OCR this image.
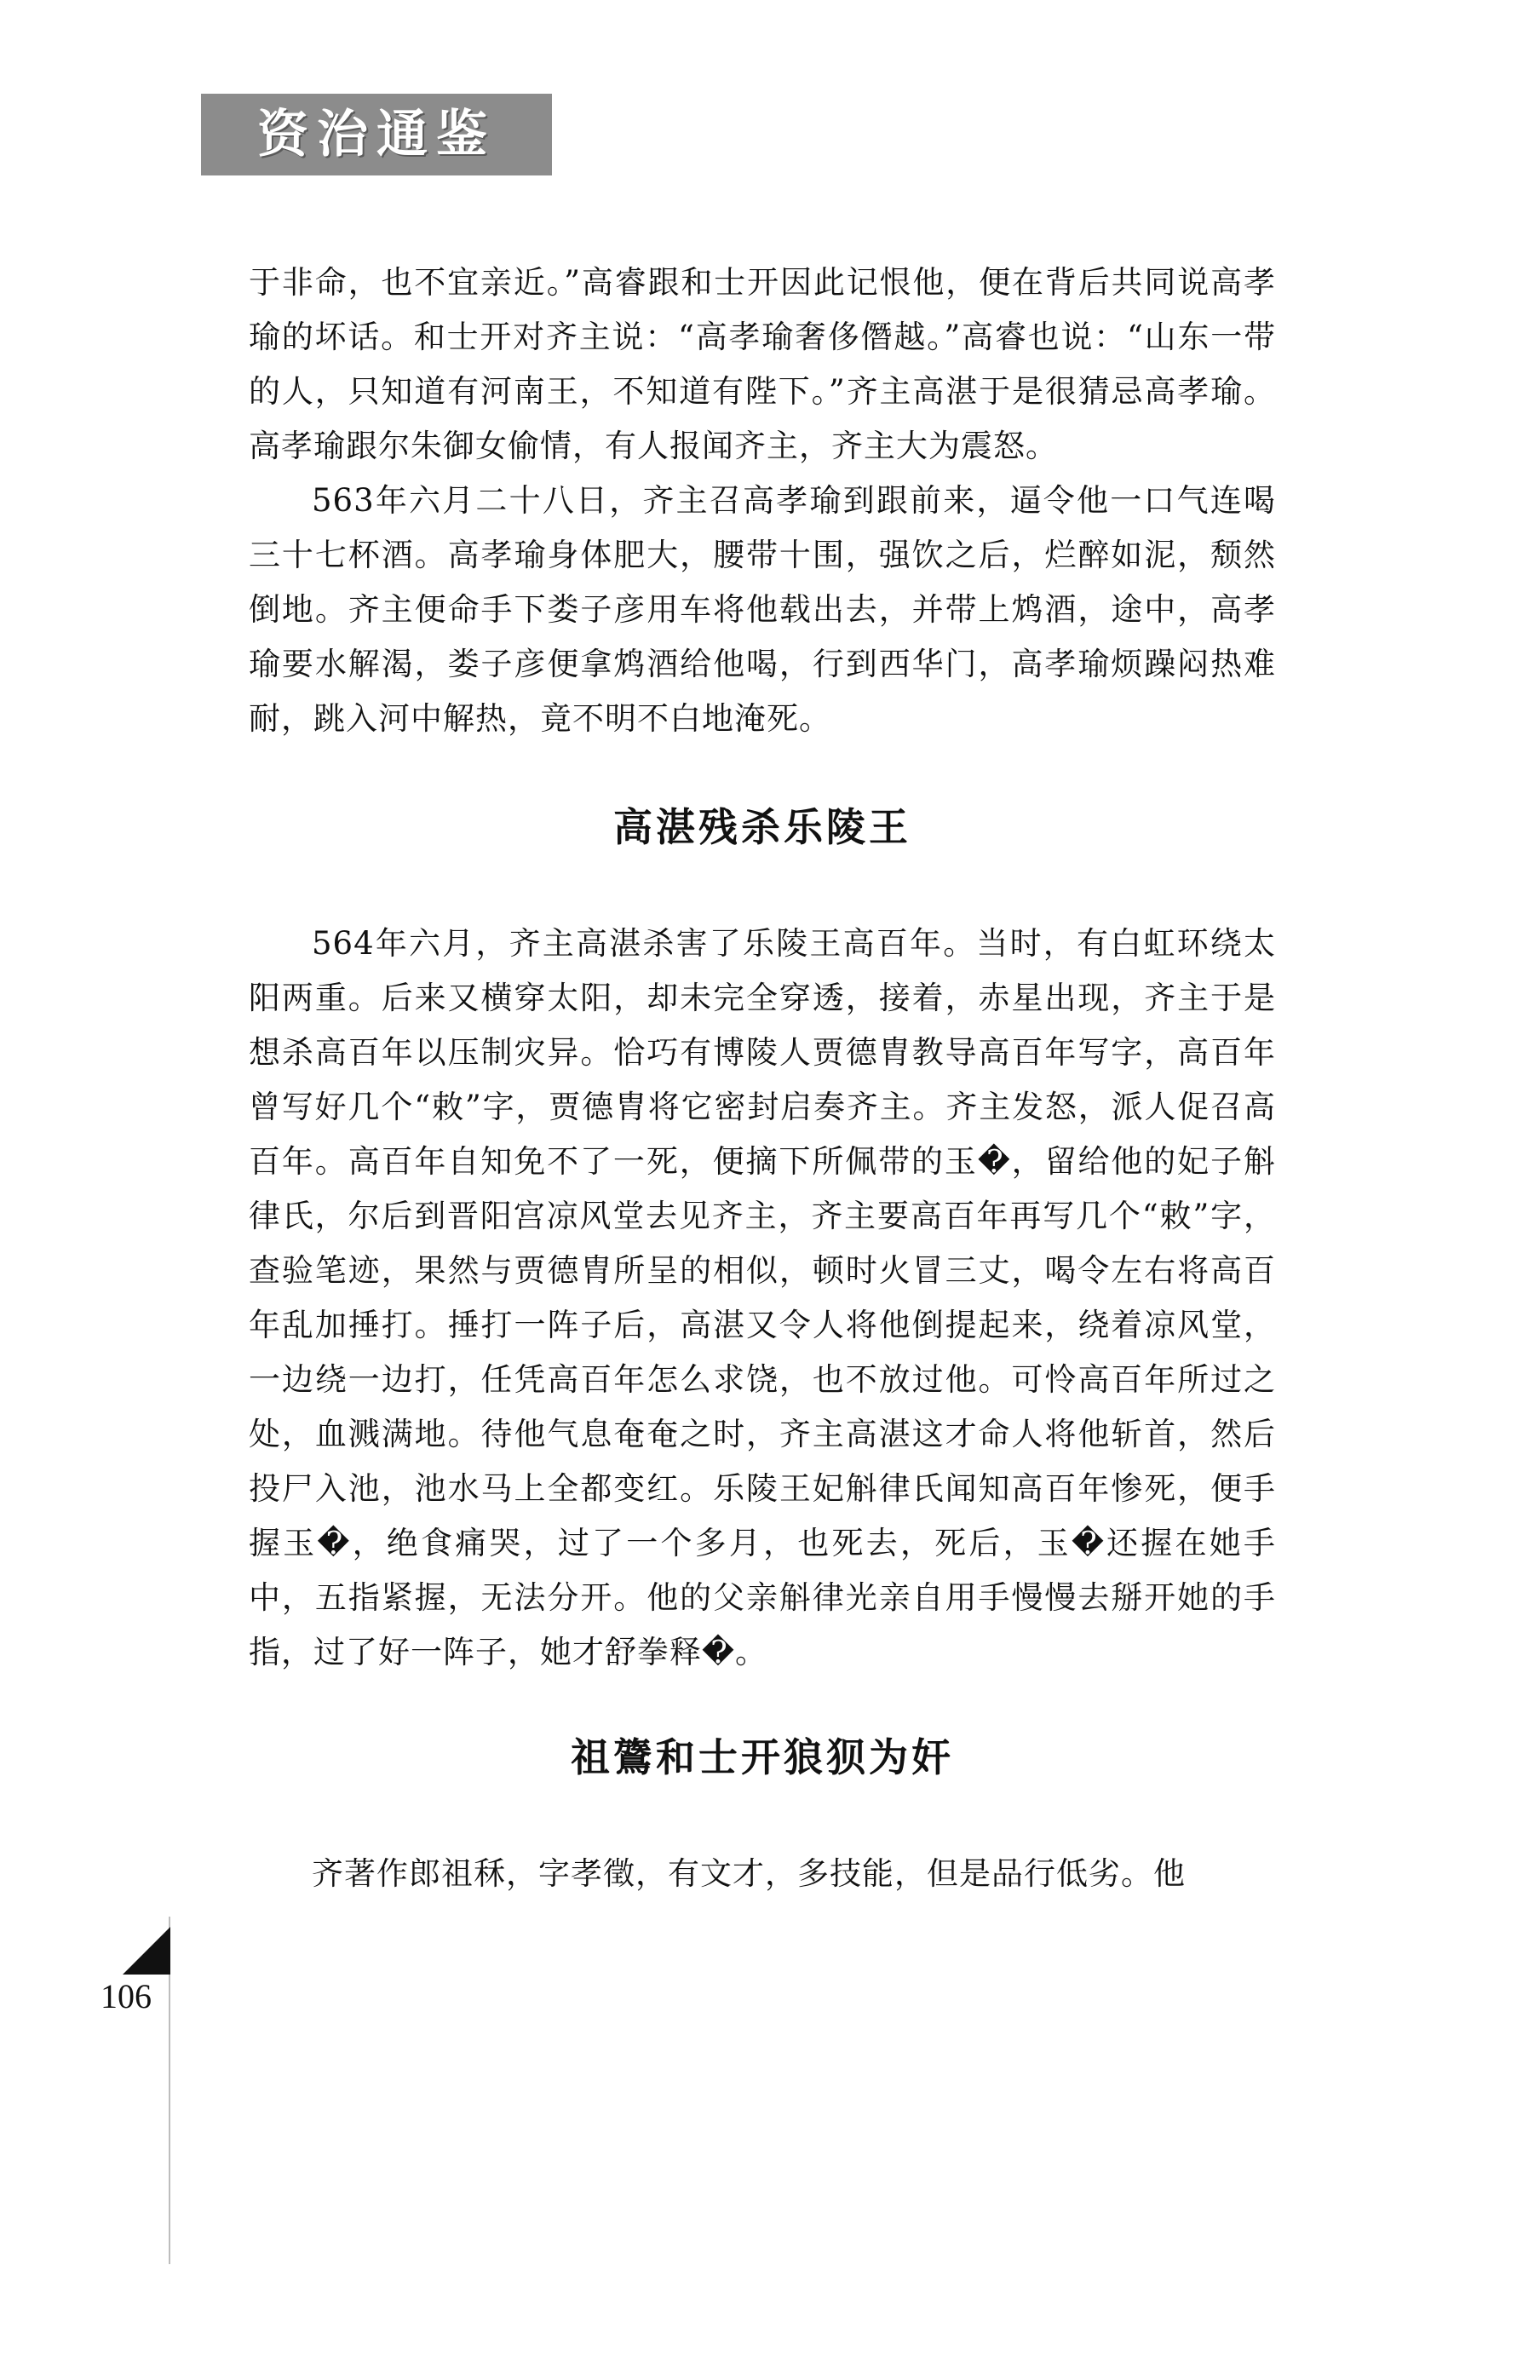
资治通鉴

于非命，也不宜亲近。”高睿跟和士开因此记恨他，便在背后共同说高孝瑜的坏话。和士开对齐主说：“高孝瑜奢侈僭越。”高睿也说：“山东一带的人，只知道有河南王，不知道有陛下。”齐主高湛于是很猜忌高孝瑜。高孝瑜跟尔朱御女偷情，有人报闻齐主，齐主大为震怒。

563年六月二十八日，齐主召高孝瑜到跟前来，逼令他一口气连喝三十七杯酒。高孝瑜身体肥大，腰带十围，强饮之后，烂醉如泥，颓然倒地。齐主便命手下娄子彦用车将他载出去，并带上鸩酒，途中，高孝瑜要水解渴，娄子彦便拿鸩酒给他喝，行到西华门，高孝瑜烦躁闷热难耐，跳入河中解热，竟不明不白地淹死。

高湛残杀乐陵王

564年六月，齐主高湛杀害了乐陵王高百年。当时，有白虹环绕太阳两重。后来又横穿太阳，却未完全穿透，接着，赤星出现，齐主于是想杀高百年以压制灾异。恰巧有博陵人贾德胄教导高百年写字，高百年曾写好几个“敕”字，贾德胄将它密封启奏齐主。齐主发怒，派人促召高百年。高百年自知免不了一死，便摘下所佩带的玉�，留给他的妃子斛律氏，尔后到晋阳宫凉风堂去见齐主，齐主要高百年再写几个“敕”字，查验笔迹，果然与贾德胄所呈的相似，顿时火冒三丈，喝令左右将高百年乱加捶打。捶打一阵子后，高湛又令人将他倒提起来，绕着凉风堂，一边绕一边打，任凭高百年怎么求饶，也不放过他。可怜高百年所过之处，血溅满地。待他气息奄奄之时，齐主高湛这才命人将他斩首，然后投尸入池，池水马上全都变红。乐陵王妃斛律氏闻知高百年惨死，便手握玉�，绝食痛哭，过了一个多月，也死去，死后，玉�还握在她手中，五指紧握，无法分开。他的父亲斛律光亲自用手慢慢去掰开她的手指，过了好一阵子，她才舒拳释�。

祖鷟和士开狼狈为奸

齐著作郎祖秝，字孝徵，有文才，多技能，但是品行低劣。他

106
